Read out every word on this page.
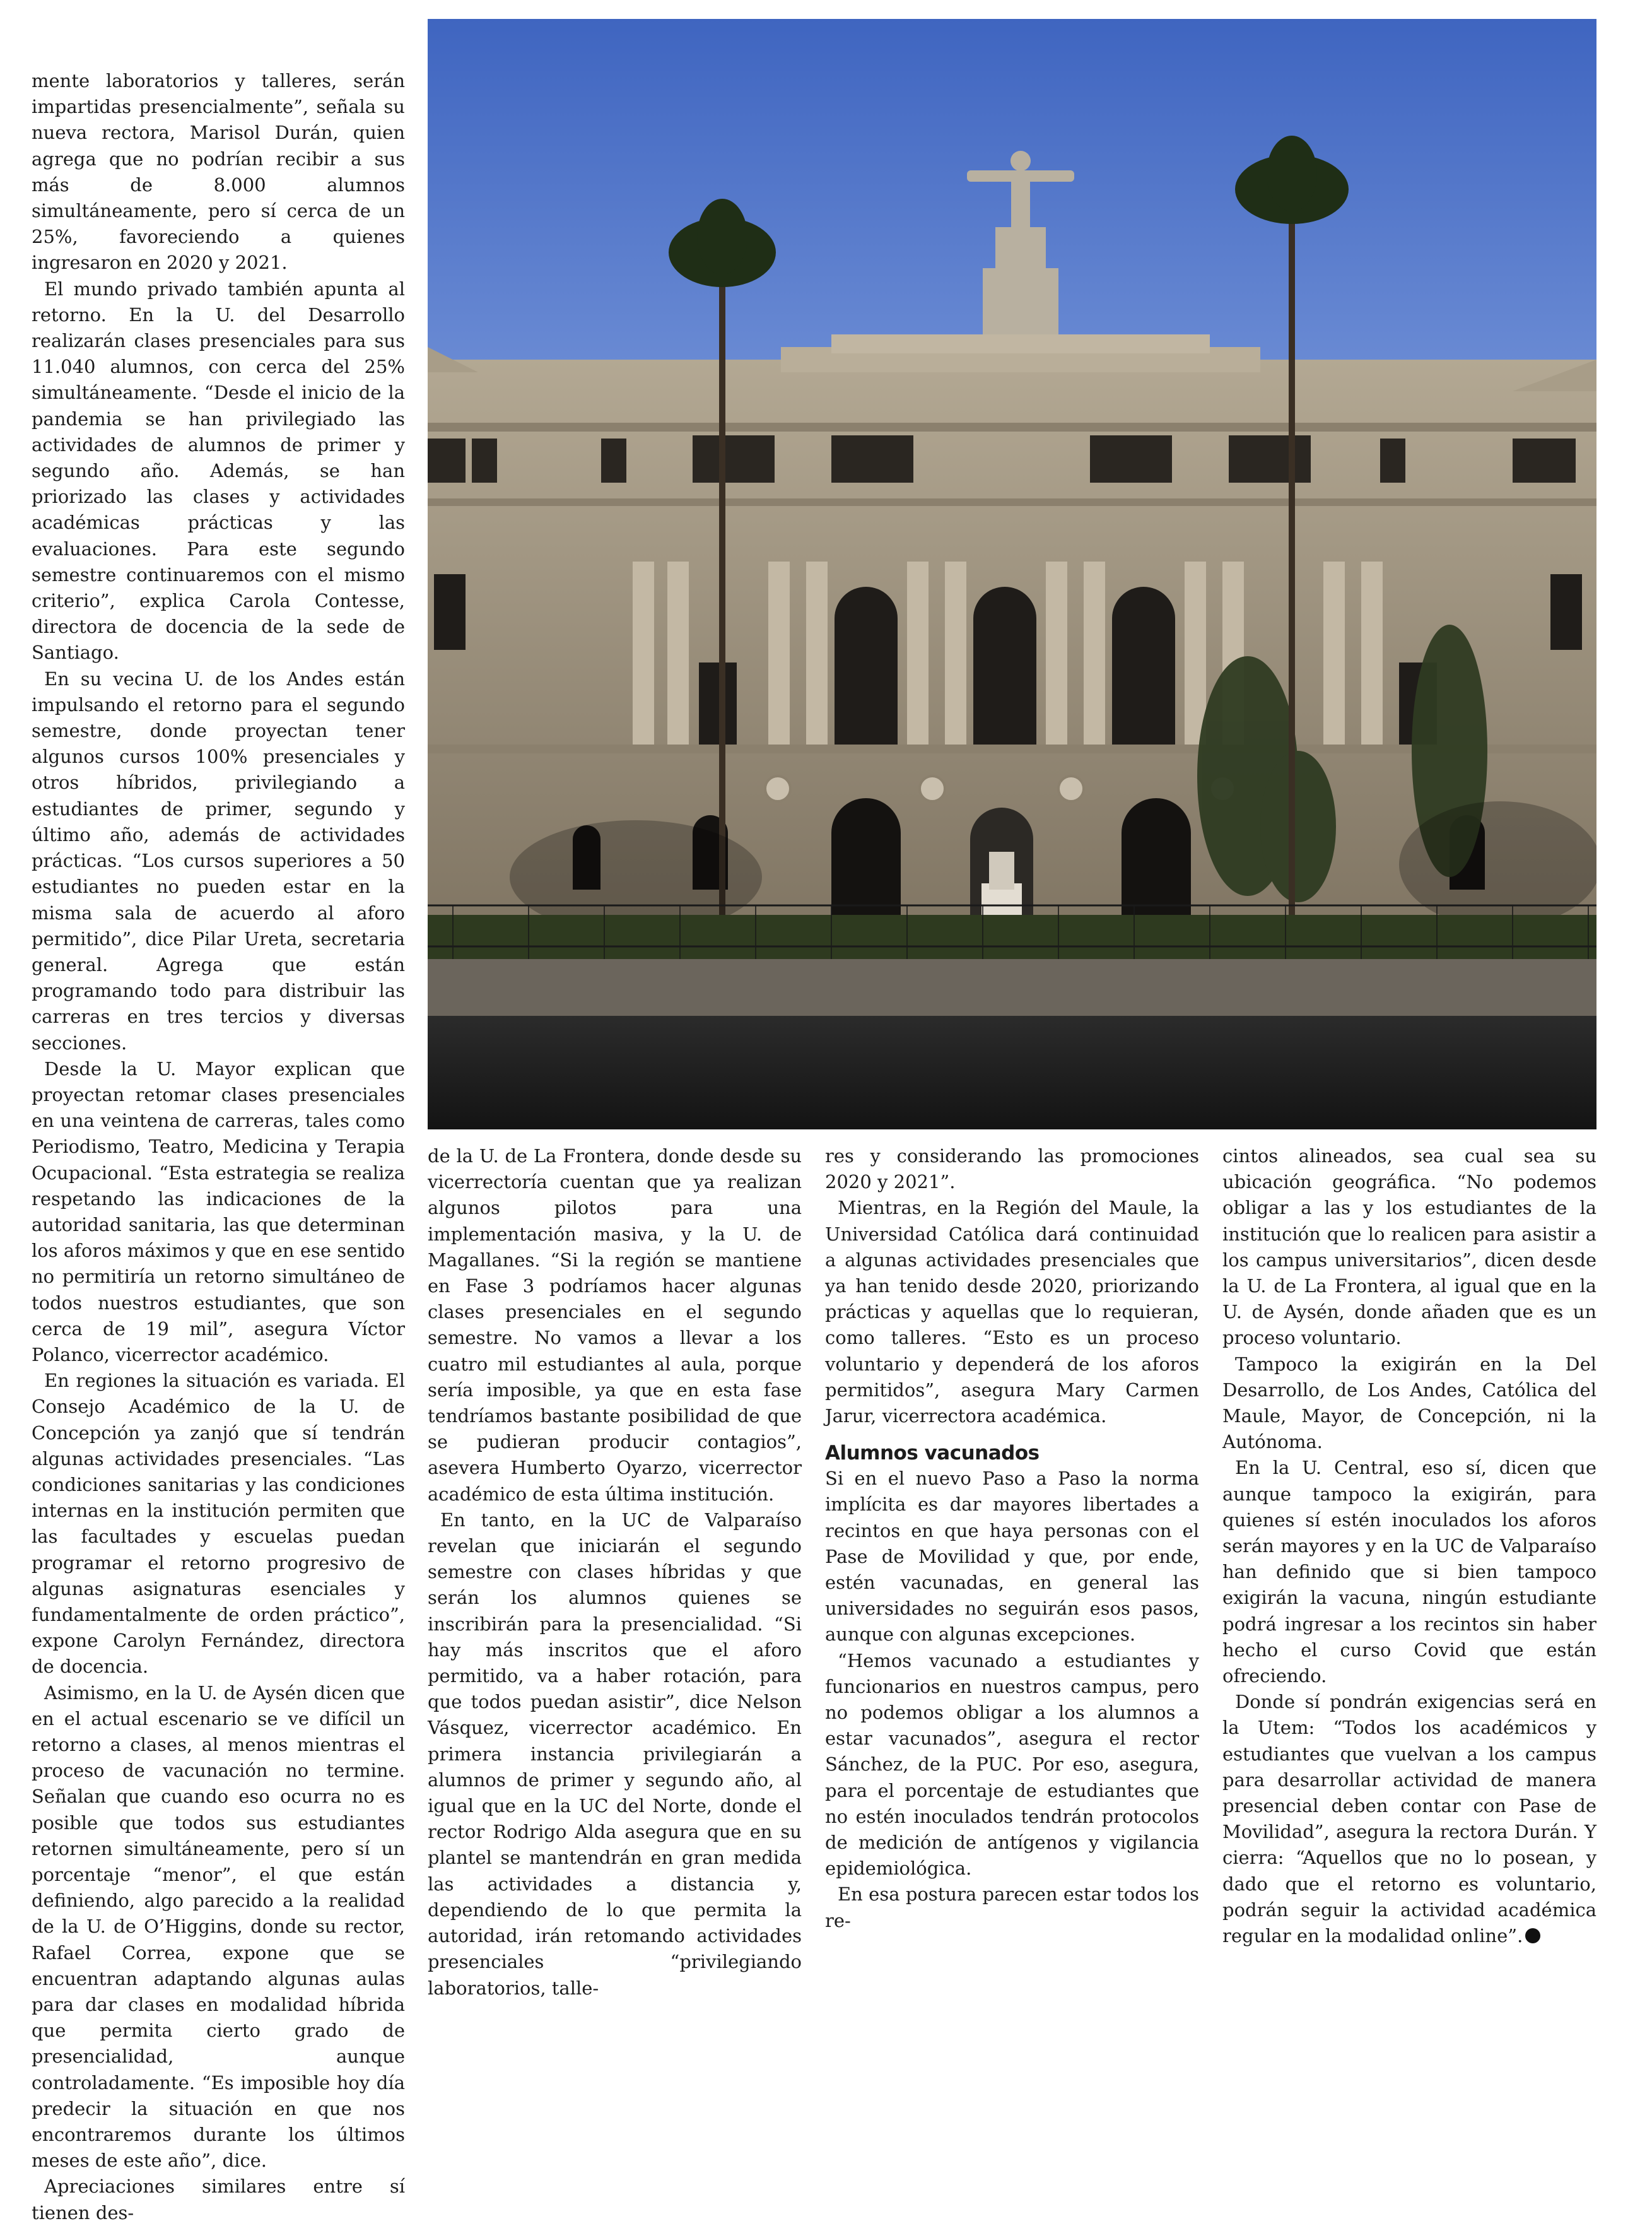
mente laboratorios y talleres, serán impartidas presencialmente”, señala su nueva rectora, Marisol Durán, quien agrega que no podrían recibir a sus más de 8.000 alumnos simultáneamente, pero sí cerca de un 25%, favoreciendo a quienes ingresaron en 2020 y 2021.

El mundo privado también apunta al retorno. En la U. del Desarrollo realizarán clases presenciales para sus 11.040 alumnos, con cerca del 25% simultáneamente. “Desde el inicio de la pandemia se han privilegiado las actividades de alumnos de primer y segundo año. Además, se han priorizado las clases y actividades académicas prácticas y las evaluaciones. Para este segundo semestre continuaremos con el mismo criterio”, explica Carola Contesse, directora de docencia de la sede de Santiago.

En su vecina U. de los Andes están impulsando el retorno para el segundo semestre, donde proyectan tener algunos cursos 100% presenciales y otros híbridos, privilegiando a estudiantes de primer, segundo y último año, además de actividades prácticas. “Los cursos superiores a 50 estudiantes no pueden estar en la misma sala de acuerdo al aforo permitido”, dice Pilar Ureta, secretaria general. Agrega que están programando todo para distribuir las carreras en tres tercios y diversas secciones.

Desde la U. Mayor explican que proyectan retomar clases presenciales en una veintena de carreras, tales como Periodismo, Teatro, Medicina y Terapia Ocupacional. “Esta estrategia se realiza respetando las indicaciones de la autoridad sanitaria, las que determinan los aforos máximos y que en ese sentido no permitiría un retorno simultáneo de todos nuestros estudiantes, que son cerca de 19 mil”, asegura Víctor Polanco, vicerrector académico.

En regiones la situación es variada. El Consejo Académico de la U. de Concepción ya zanjó que sí tendrán algunas actividades presenciales. “Las condiciones sanitarias y las condiciones internas en la institución permiten que las facultades y escuelas puedan programar el retorno progresivo de algunas asignaturas esenciales y fundamentalmente de orden práctico”, expone Carolyn Fernández, directora de docencia.

Asimismo, en la U. de Aysén dicen que en el actual escenario se ve difícil un retorno a clases, al menos mientras el proceso de vacunación no termine. Señalan que cuando eso ocurra no es posible que todos sus estudiantes retornen simultáneamente, pero sí un porcentaje “menor”, el que están definiendo, algo parecido a la realidad de la U. de O’Higgins, donde su rector, Rafael Correa, expone que se encuentran adaptando algunas aulas para dar clases en modalidad híbrida que permita cierto grado de presencialidad, aunque controladamente. “Es imposible hoy día predecir la situación en que nos encontraremos durante los últimos meses de este año”, dice.

Apreciaciones similares entre sí tienen des-

de la U. de La Frontera, donde desde su vicerrectoría cuentan que ya realizan algunos pilotos para una implementación masiva, y la U. de Magallanes. “Si la región se mantiene en Fase 3 podríamos hacer algunas clases presenciales en el segundo semestre. No vamos a llevar a los cuatro mil estudiantes al aula, porque sería imposible, ya que en esta fase tendríamos bastante posibilidad de que se pudieran producir contagios”, asevera Humberto Oyarzo, vicerrector académico de esta última institución.

En tanto, en la UC de Valparaíso revelan que iniciarán el segundo semestre con clases híbridas y que serán los alumnos quienes se inscribirán para la presencialidad. “Si hay más inscritos que el aforo permitido, va a haber rotación, para que todos puedan asistir”, dice Nelson Vásquez, vicerrector académico. En primera instancia privilegiarán a alumnos de primer y segundo año, al igual que en la UC del Norte, donde el rector Rodrigo Alda asegura que en su plantel se mantendrán en gran medida las actividades a distancia y, dependiendo de lo que permita la autoridad, irán retomando actividades presenciales “privilegiando laboratorios, talle-

res y considerando las promociones 2020 y 2021”.

Mientras, en la Región del Maule, la Universidad Católica dará continuidad a algunas actividades presenciales que ya han tenido desde 2020, priorizando prácticas y aquellas que lo requieran, como talleres. “Esto es un proceso voluntario y dependerá de los aforos permitidos”, asegura Mary Carmen Jarur, vicerrectora académica.

Alumnos vacunados

Si en el nuevo Paso a Paso la norma implícita es dar mayores libertades a recintos en que haya personas con el Pase de Movilidad y que, por ende, estén vacunadas, en general las universidades no seguirán esos pasos, aunque con algunas excepciones.

“Hemos vacunado a estudiantes y funcionarios en nuestros campus, pero no podemos obligar a los alumnos a estar vacunados”, asegura el rector Sánchez, de la PUC. Por eso, asegura, para el porcentaje de estudiantes que no estén inoculados tendrán protocolos de medición de antígenos y vigilancia epidemiológica.

En esa postura parecen estar todos los re-

cintos alineados, sea cual sea su ubicación geográfica. “No podemos obligar a las y los estudiantes de la institución que lo realicen para asistir a los campus universitarios”, dicen desde la U. de La Frontera, al igual que en la U. de Aysén, donde añaden que es un proceso voluntario.

Tampoco la exigirán en la Del Desarrollo, de Los Andes, Católica del Maule, Mayor, de Concepción, ni la Autónoma.

En la U. Central, eso sí, dicen que aunque tampoco la exigirán, para quienes sí estén inoculados los aforos serán mayores y en la UC de Valparaíso han definido que si bien tampoco exigirán la vacuna, ningún estudiante podrá ingresar a los recintos sin haber hecho el curso Covid que están ofreciendo.

Donde sí pondrán exigencias será en la Utem: “Todos los académicos y estudiantes que vuelvan a los campus para desarrollar actividad de manera presencial deben contar con Pase de Movilidad”, asegura la rectora Durán. Y cierra: “Aquellos que no lo posean, y dado que el retorno es voluntario, podrán seguir la actividad académica regular en la modalidad online”.
